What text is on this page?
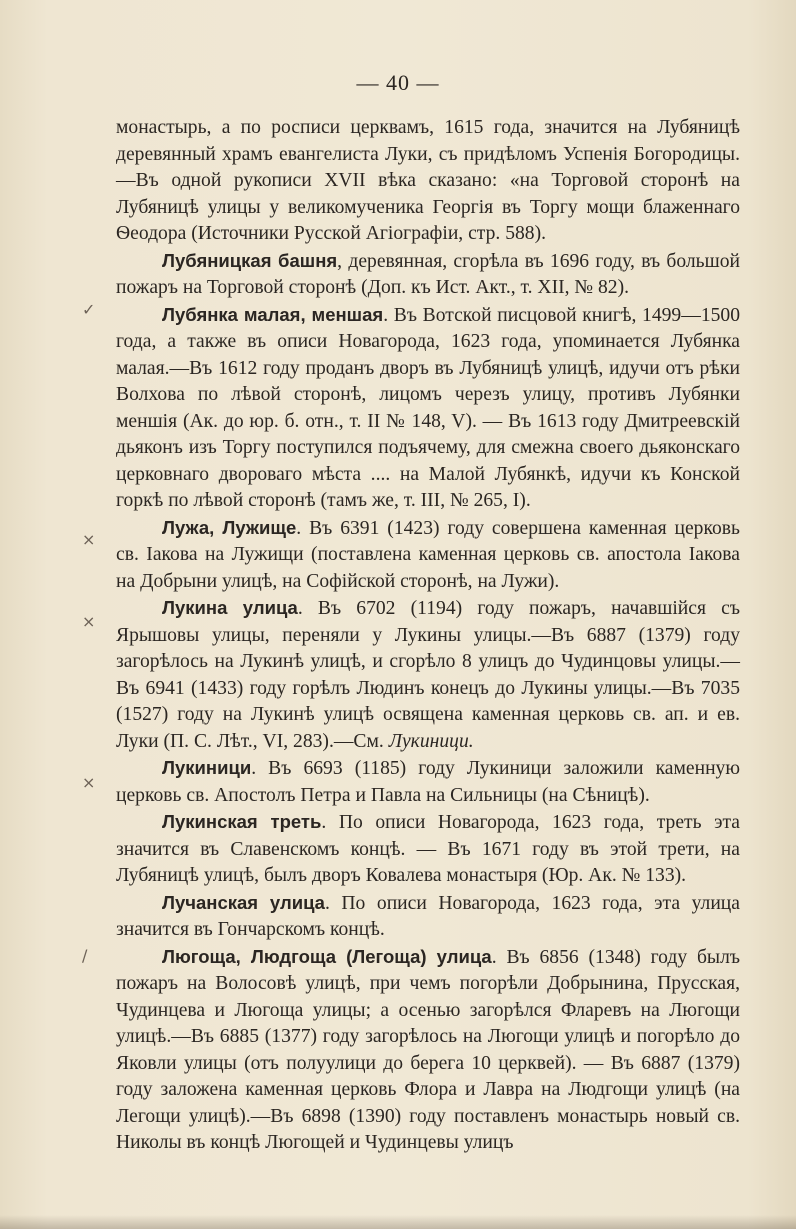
— 40 —

монастырь, а по росписи церквамъ, 1615 года, значится на Лубяницѣ деревянный храмъ евангелиста Луки, съ придѣломъ Успенія Богородицы.—Въ одной рукописи XVII вѣка сказано: «на Торговой сторонѣ на Лубяницѣ улицы у великомученика Георгія въ Торгу мощи блаженнаго Ѳеодора (Источники Русской Агіографіи, стр. 588).

Лубяницкая башня, деревянная, сгорѣла въ 1696 году, въ большой пожаръ на Торговой сторонѣ (Доп. къ Ист. Акт., т. XII, № 82).

Лубянка малая, меншая. Въ Вотской писцовой книгѣ, 1499—1500 года, а также въ описи Новагорода, 1623 года, упоминается Лубянка малая.—Въ 1612 году проданъ дворъ въ Лубяницѣ улицѣ, идучи отъ рѣки Волхова по лѣвой сторонѣ, лицомъ черезъ улицу, противъ Лубянки меншія (Ак. до юр. б. отн., т. II № 148, V). — Въ 1613 году Дмитреевскій дьяконъ изъ Торгу поступился подъячему, для смежна своего дьяконскаго церковнаго двороваго мѣста .... на Малой Лубянкѣ, идучи къ Конской горкѣ по лѣвой сторонѣ (тамъ же, т. III, № 265, I).

Лужа, Лужище. Въ 6391 (1423) году совершена каменная церковь св. Іакова на Лужищи (поставлена каменная церковь св. апостола Іакова на Добрыни улицѣ, на Софійской сторонѣ, на Лужи).

Лукина улица. Въ 6702 (1194) году пожаръ, начавшійся съ Ярышовы улицы, переняли у Лукины улицы.—Въ 6887 (1379) году загорѣлось на Лукинѣ улицѣ, и сгорѣло 8 улицъ до Чудинцовы улицы.—Въ 6941 (1433) году горѣлъ Людинъ конецъ до Лукины улицы.—Въ 7035 (1527) году на Лукинѣ улицѣ освящена каменная церковь св. ап. и ев. Луки (П. С. Лѣт., VI, 283).—См. Лукиници.

Лукиници. Въ 6693 (1185) году Лукиници заложили каменную церковь св. Апостолъ Петра и Павла на Сильницы (на Сѣницѣ).

Лукинская треть. По описи Новагорода, 1623 года, треть эта значится въ Славенскомъ концѣ. — Въ 1671 году въ этой трети, на Лубяницѣ улицѣ, былъ дворъ Ковалева монастыря (Юр. Ак. № 133).

Лучанская улица. По описи Новагорода, 1623 года, эта улица значится въ Гончарскомъ концѣ.

Люгоща, Людгоща (Легоща) улица. Въ 6856 (1348) году былъ пожаръ на Волосовѣ улицѣ, при чемъ погорѣли Добрынина, Прусская, Чудинцева и Люгоща улицы; а осенью загорѣлся Фларевъ на Люгощи улицѣ.—Въ 6885 (1377) году загорѣлось на Люгощи улицѣ и погорѣло до Яковли улицы (отъ полуулици до берега 10 церквей). — Въ 6887 (1379) году заложена каменная церковь Флора и Лавра на Людгощи улицѣ (на Легощи улицѣ).—Въ 6898 (1390) году поставленъ монастырь новый св. Николы въ концѣ Люгощей и Чудинцевы улицъ

✓
×
×
×
/
